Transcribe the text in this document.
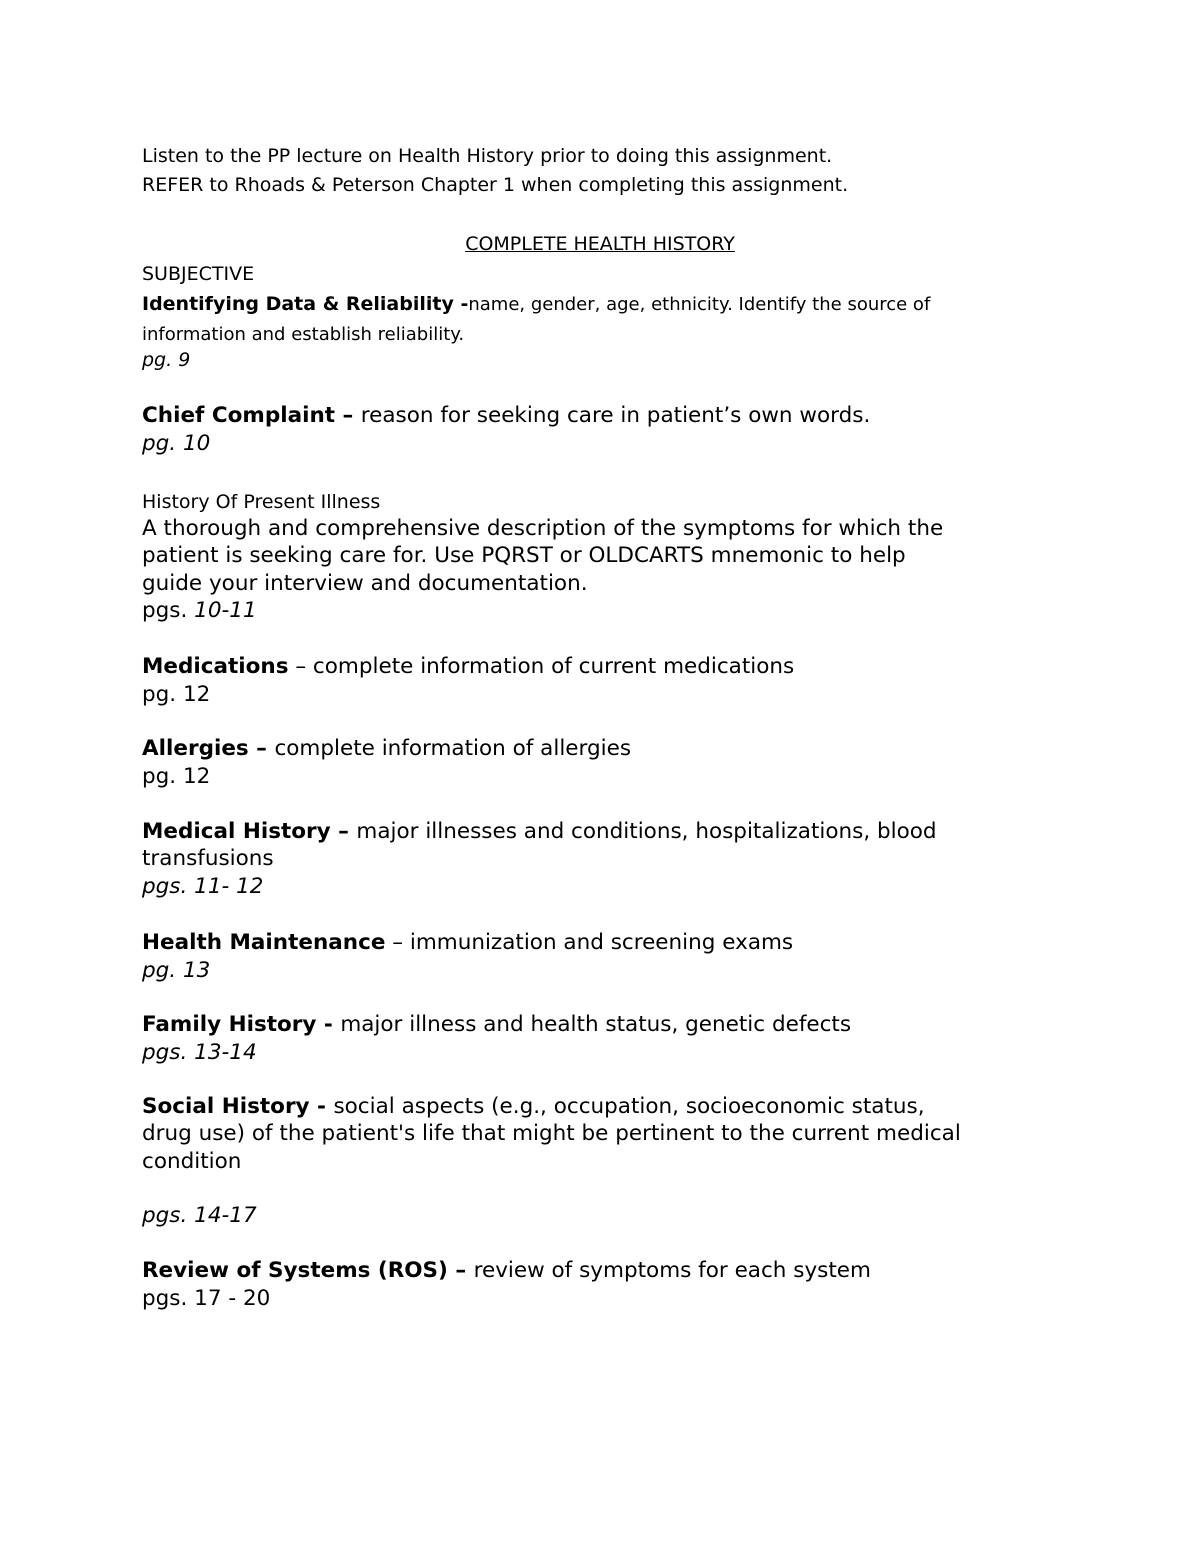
Listen to the PP lecture on Health History prior to doing this assignment.
REFER to Rhoads & Peterson Chapter 1 when completing this assignment.
COMPLETE HEALTH HISTORY
SUBJECTIVE
Identifying Data & Reliability -name, gender, age, ethnicity. Identify the source of
information and establish reliability.
pg. 9
Chief Complaint – reason for seeking care in patient’s own words.
pg. 10
History Of Present Illness
A thorough and comprehensive description of the symptoms for which the
patient is seeking care for. Use PQRST or OLDCARTS mnemonic to help
guide your interview and documentation.
pgs. 10-11
Medications – complete information of current medications
pg. 12
Allergies – complete information of allergies
pg. 12
Medical History – major illnesses and conditions, hospitalizations, blood
transfusions
pgs. 11- 12
Health Maintenance – immunization and screening exams
pg. 13
Family History - major illness and health status, genetic defects
pgs. 13-14
Social History - social aspects (e.g., occupation, socioeconomic status,
drug use) of the patient's life that might be pertinent to the current medical
condition
pgs. 14-17
Review of Systems (ROS) – review of symptoms for each system
pgs. 17 - 20
